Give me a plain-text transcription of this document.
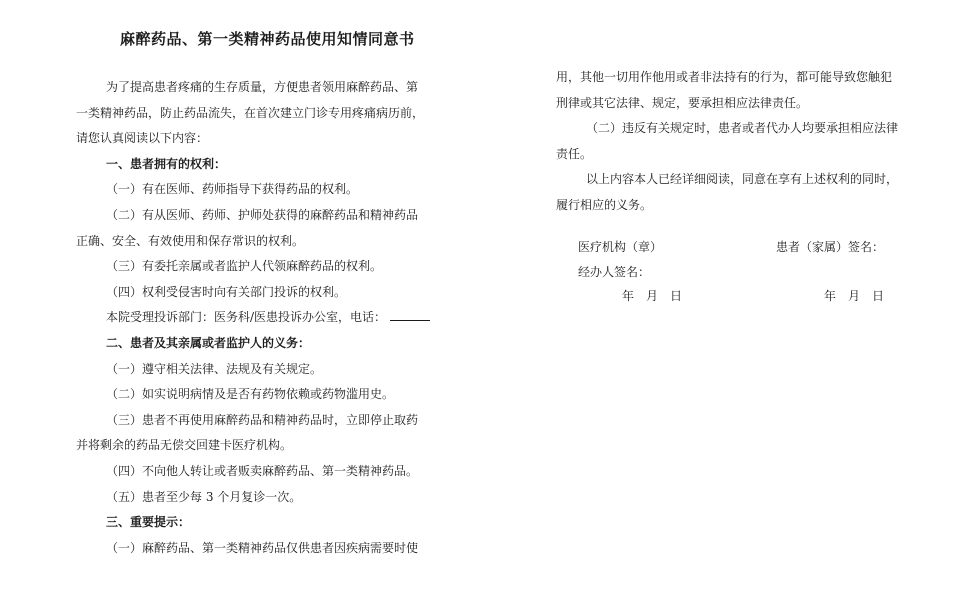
麻醉药品、第一类精神药品使用知情同意书

为了提高患者疼痛的生存质量，方便患者领用麻醉药品、第

一类精神药品，防止药品流失，在首次建立门诊专用疼痛病历前，

请您认真阅读以下内容：

一、患者拥有的权利：

（一）有在医师、药师指导下获得药品的权利。

（二）有从医师、药师、护师处获得的麻醉药品和精神药品

正确、安全、有效使用和保存常识的权利。

（三）有委托亲属或者监护人代领麻醉药品的权利。

（四）权利受侵害时向有关部门投诉的权利。

本院受理投诉部门：医务科/医患投诉办公室，电话：

二、患者及其亲属或者监护人的义务：

（一）遵守相关法律、法规及有关规定。

（二）如实说明病情及是否有药物依赖或药物滥用史。

（三）患者不再使用麻醉药品和精神药品时，立即停止取药

并将剩余的药品无偿交回建卡医疗机构。

（四）不向他人转让或者贩卖麻醉药品、第一类精神药品。

（五）患者至少每 3 个月复诊一次。

三、重要提示：

（一）麻醉药品、第一类精神药品仅供患者因疾病需要时使

用，其他一切用作他用或者非法持有的行为，都可能导致您触犯

刑律或其它法律、规定，要承担相应法律责任。

（二）违反有关规定时，患者或者代办人均要承担相应法律

责任。

以上内容本人已经详细阅读，同意在享有上述权利的同时，

履行相应的义务。

医疗机构（章）	患者（家属）签名：
经办人签名：
年　月　日	年　月　日
